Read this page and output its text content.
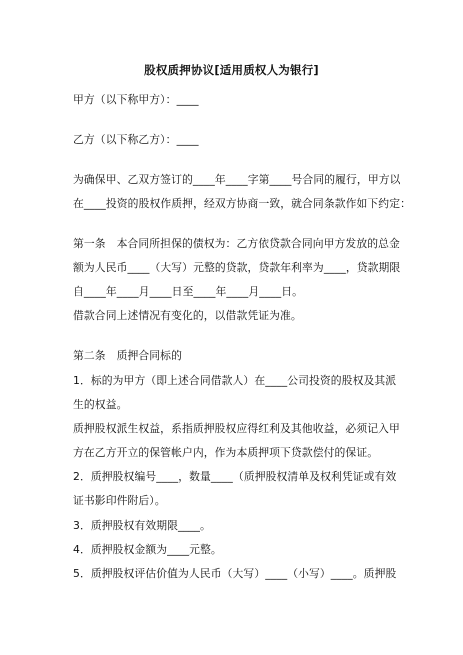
股权质押协议[适用质权人为银行]
甲方（以下称甲方）：____
乙方（以下称乙方）：____
为确保甲、乙双方签订的____年____字第____号合同的履行，甲方以
在____投资的股权作质押，经双方协商一致，就合同条款作如下约定：
第一条　本合同所担保的债权为：乙方依贷款合同向甲方发放的总金
额为人民币____（大写）元整的贷款，贷款年利率为____，贷款期限
自____年____月____日至____年____月____日。
借款合同上述情况有变化的，以借款凭证为准。
第二条　质押合同标的
1．标的为甲方（即上述合同借款人）在____公司投资的股权及其派
生的权益。
质押股权派生权益，系指质押股权应得红利及其他收益，必须记入甲
方在乙方开立的保管帐户内，作为本质押项下贷款偿付的保证。
2．质押股权编号____，数量____（质押股权清单及权利凭证或有效
证书影印件附后）。
3．质押股权有效期限____。
4．质押股权金额为____元整。
5．质押股权评估价值为人民币（大写）____（小写）____。质押股
